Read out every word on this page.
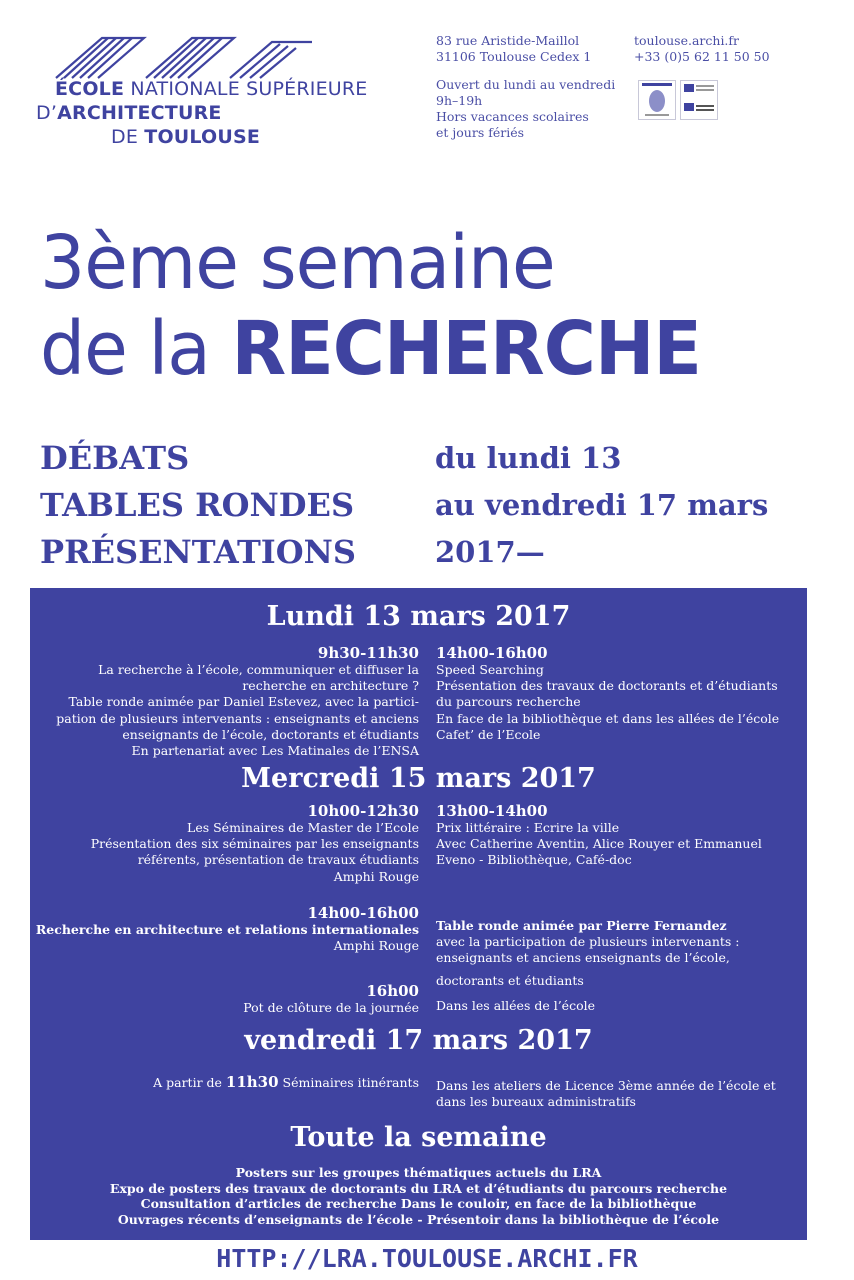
ÉCOLE NATIONALE SUPÉRIEURE
D’ARCHITECTURE
DE TOULOUSE
83 rue Aristide-Maillol
31106 Toulouse Cedex 1
Ouvert du lundi au vendredi
9h–19h
Hors vacances scolaires
et jours fériés
toulouse.archi.fr
+33 (0)5 62 11 50 50
3ème semaine
de la RECHERCHE
DÉBATS
TABLES RONDES
PRÉSENTATIONS
du lundi 13
au vendredi 17 mars
2017—
Lundi 13 mars 2017
9h30-11h30
La recherche à l’école, communiquer et diffuser la
recherche en architecture ?
Table ronde animée par Daniel Estevez, avec la partici-
pation de plusieurs intervenants : enseignants et anciens
enseignants de l’école, doctorants et étudiants
En partenariat avec Les Matinales de l’ENSA
14h00-16h00
Speed Searching
Présentation des travaux de doctorants et d’étudiants
du parcours recherche
En face de la bibliothèque et dans les allées de l’école
Cafet’ de l’Ecole
Mercredi 15 mars 2017
10h00-12h30
Les Séminaires de Master de l’Ecole
Présentation des six séminaires par les enseignants
référents, présentation de travaux étudiants
Amphi Rouge
13h00-14h00
Prix littéraire : Ecrire la ville
Avec Catherine Aventin, Alice Rouyer et Emmanuel
Eveno - Bibliothèque, Café-doc
14h00-16h00
Recherche en architecture et relations internationales
Amphi Rouge
Table ronde animée par Pierre Fernandez
avec la participation de plusieurs intervenants :
enseignants et anciens enseignants de l’école,
doctorants et étudiants
16h00
Pot de clôture de la journée Dans les allées de l’école
vendredi 17 mars 2017
A partir de 11h30 Séminaires itinérants Dans les ateliers de Licence 3ème année de l’école et
dans les bureaux administratifs
Toute la semaine
Posters sur les groupes thématiques actuels du LRA
Expo de posters des travaux de doctorants du LRA et d’étudiants du parcours recherche
Consultation d’articles de recherche Dans le couloir, en face de la bibliothèque
Ouvrages récents d’enseignants de l’école - Présentoir dans la bibliothèque de l’école
HTTP://LRA.TOULOUSE.ARCHI.FR
